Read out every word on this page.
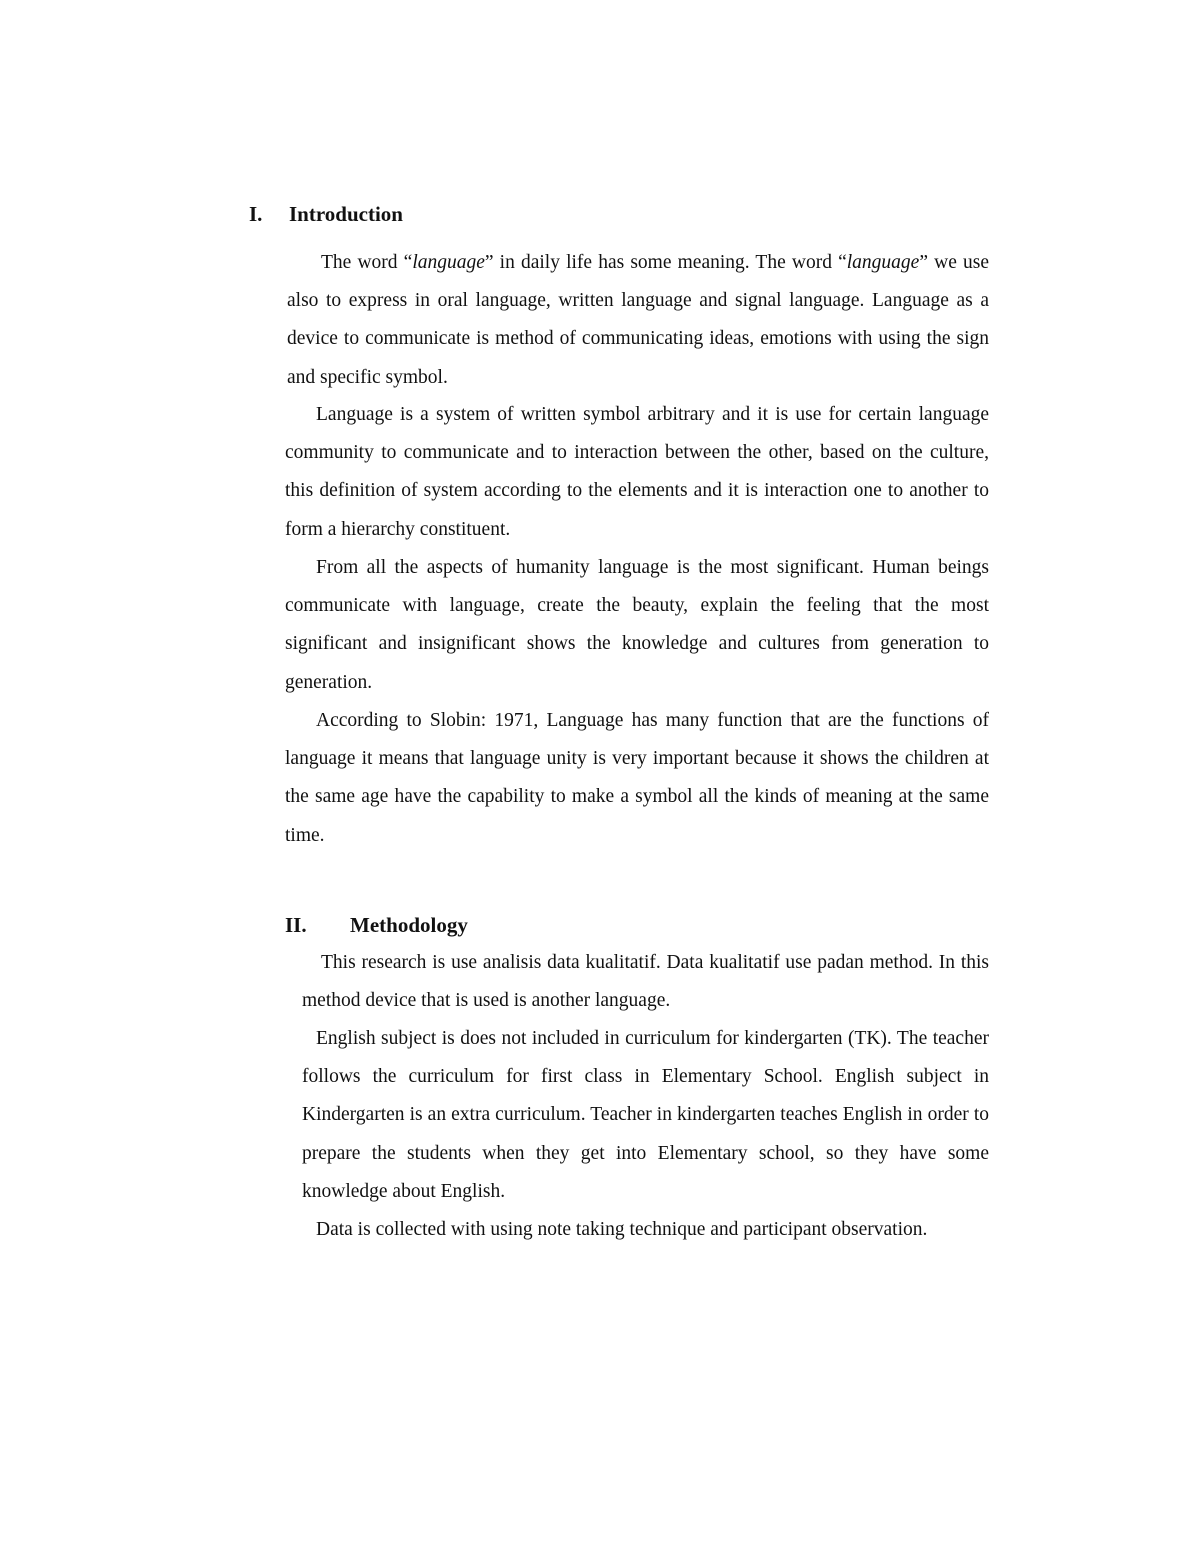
I. Introduction

The word “language” in daily life has some meaning. The word “language” we use also to express in oral language, written language and signal language. Language as a device to communicate is method of communicating ideas, emotions with using the sign and specific symbol.

Language is a system of written symbol arbitrary and it is use for certain language community to communicate and to interaction between the other, based on the culture, this definition of system according to the elements and it is interaction one to another to form a hierarchy constituent.

From all the aspects of humanity language is the most significant. Human beings communicate with language, create the beauty, explain the feeling that the most significant and insignificant shows the knowledge and cultures from generation to generation.

According to Slobin: 1971, Language has many function that are the functions of language it means that language unity is very important because it shows the children at the same age have the capability to make a symbol all the kinds of meaning at the same time.

II. Methodology

This research is use analisis data kualitatif. Data kualitatif use padan method. In this method device that is used is another language.

English subject is does not included in curriculum for kindergarten (TK). The teacher follows the curriculum for first class in Elementary School. English subject in Kindergarten is an extra curriculum. Teacher in kindergarten teaches English in order to prepare the students when they get into Elementary school, so they have some knowledge about English.

Data is collected with using note taking technique and participant observation.
